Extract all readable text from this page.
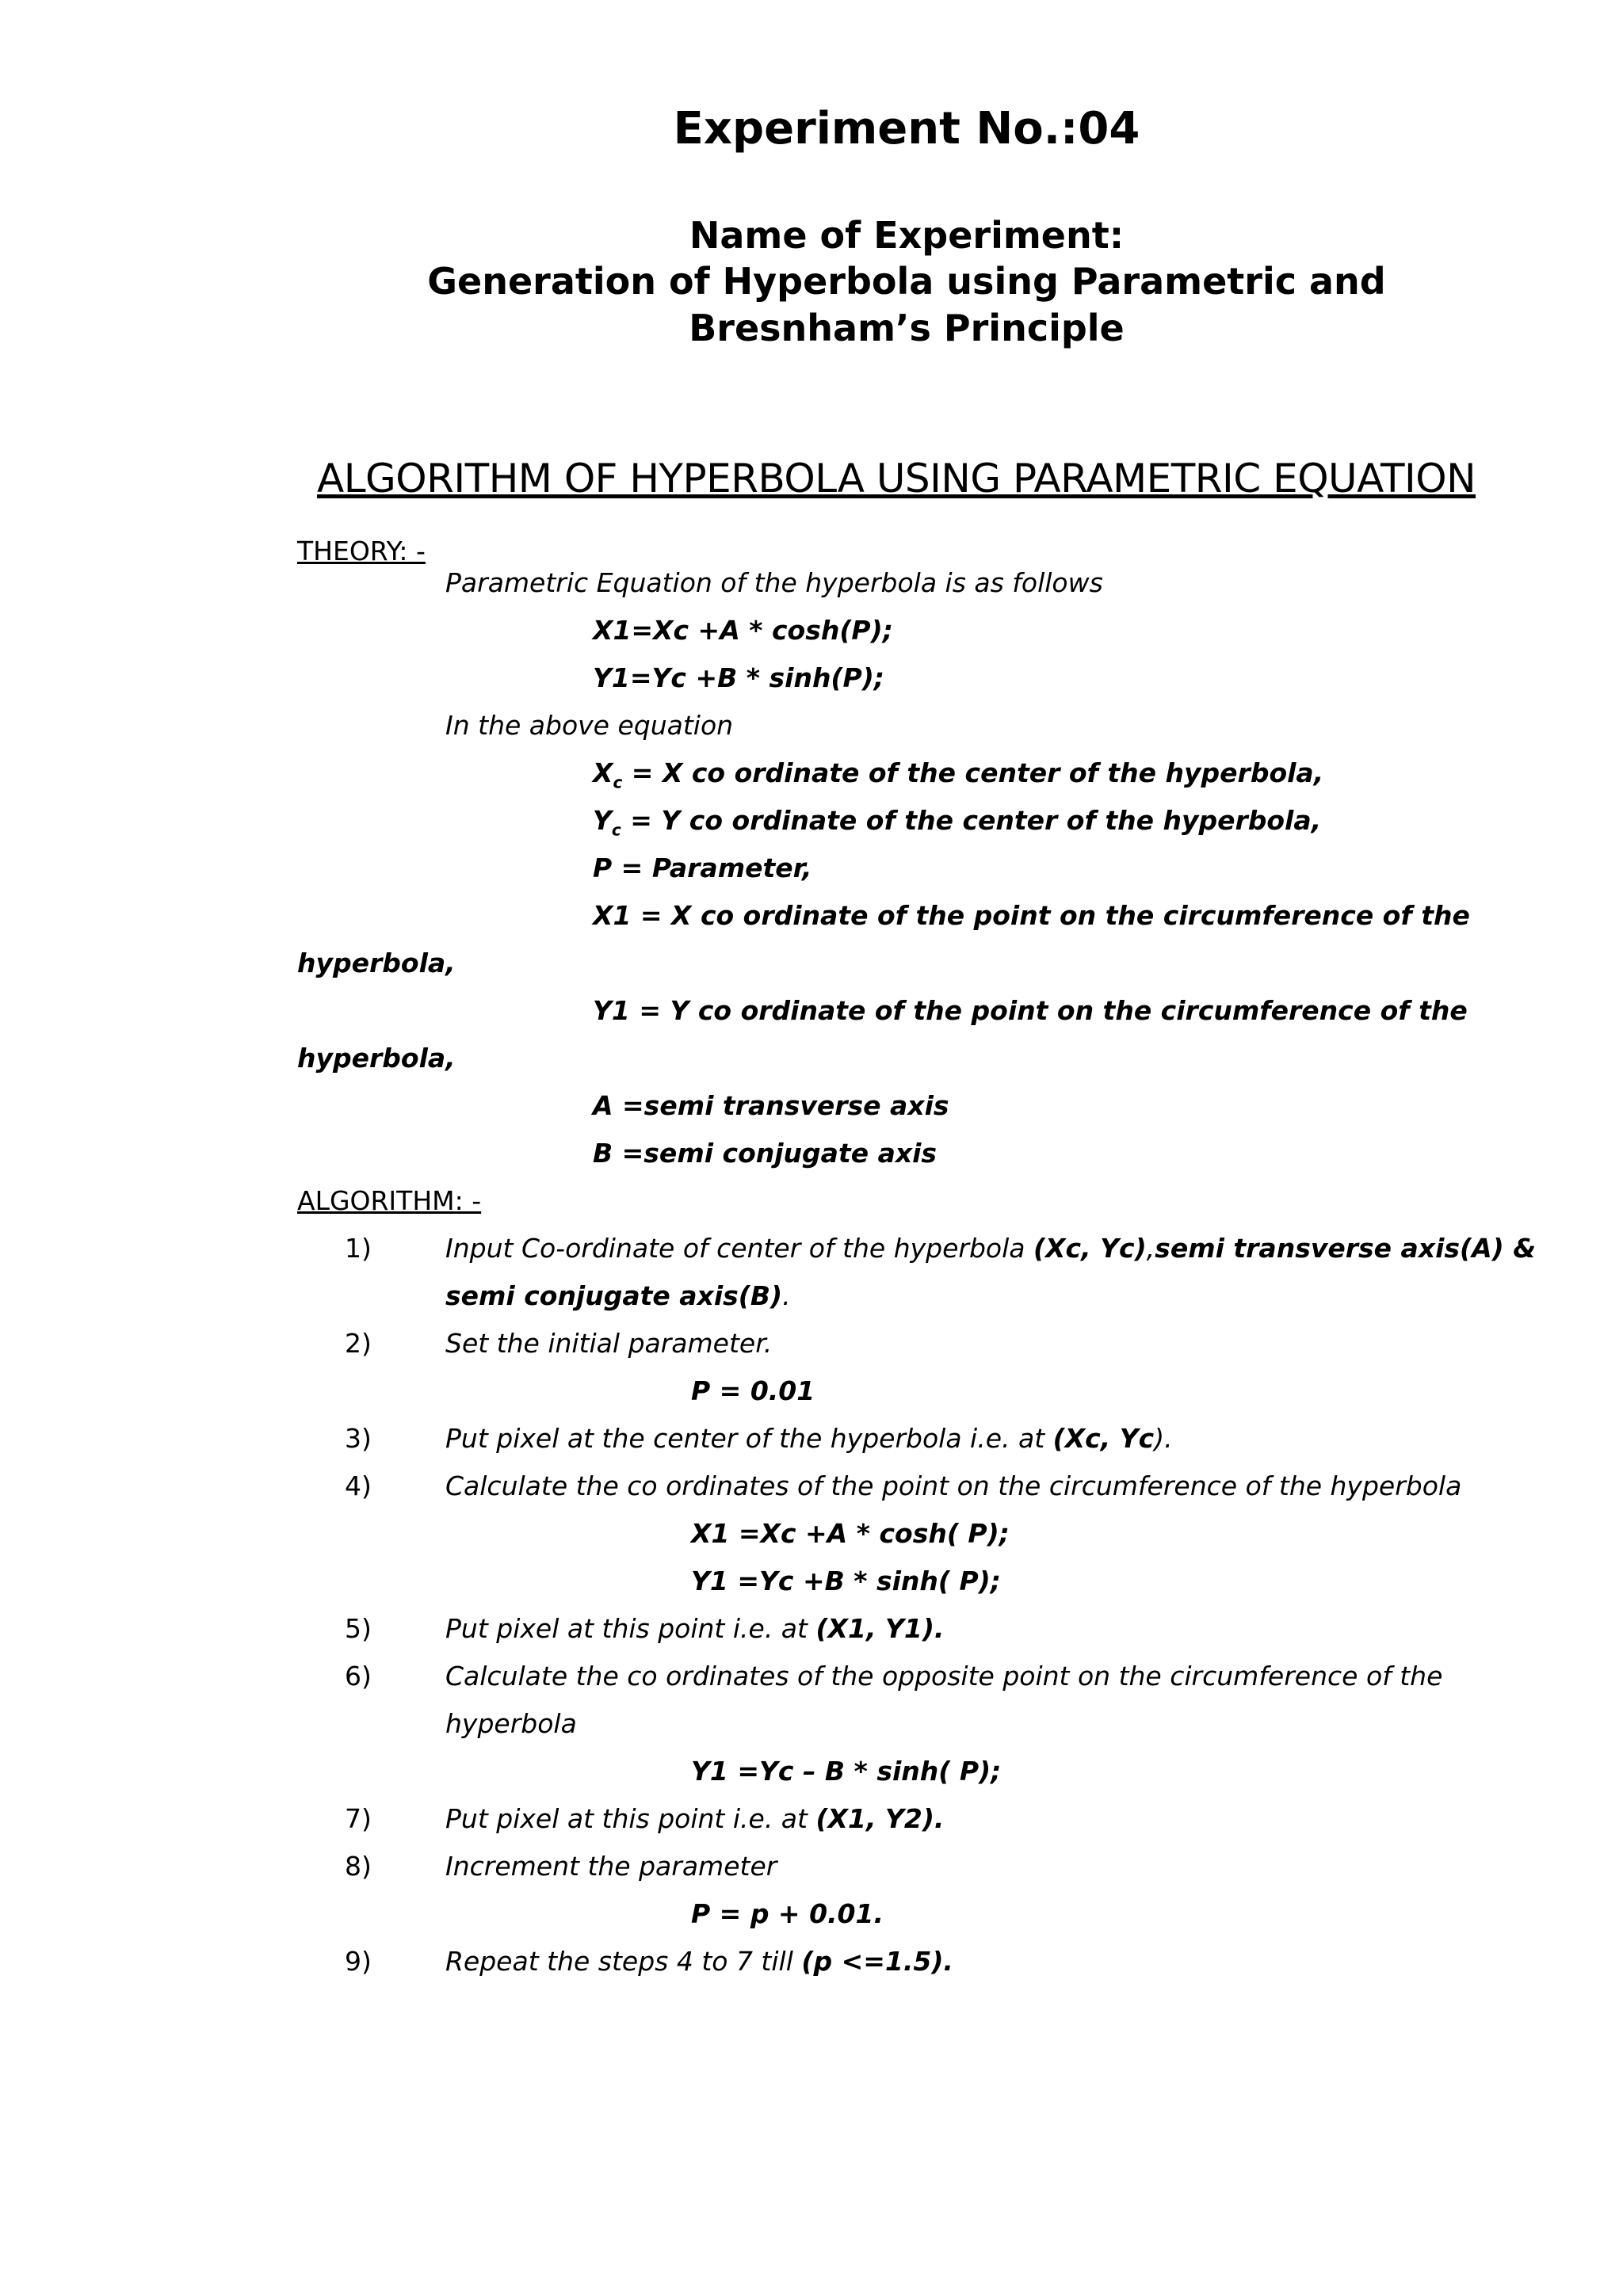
Experiment No.:04
Name of Experiment:
Generation of Hyperbola using Parametric and
Bresnham’s Principle
ALGORITHM OF HYPERBOLA USING PARAMETRIC EQUATION
THEORY: -
Parametric Equation of the hyperbola is as follows
X1=Xc +A * cosh(P);
Y1=Yc +B * sinh(P);
In the above equation
$X_c = X$ co ordinate of the center of the hyperbola,
$Y_c = Y$ co ordinate of the center of the hyperbola,
P = Parameter,
X1 = X co ordinate of the point on the circumference of the
hyperbola,
Y1 = Y co ordinate of the point on the circumference of the
hyperbola,
A =semi transverse axis
B =semi conjugate axis
ALGORITHM: -
1)	Input Co-ordinate of center of the hyperbola (Xc, Yc),semi transverse axis(A) &
semi conjugate axis(B).
2)	Set the initial parameter.
P = 0.01
3)	Put pixel at the center of the hyperbola i.e. at (Xc, Yc).
4)	Calculate the co ordinates of the point on the circumference of the hyperbola
X1 =Xc +A * cosh( P);
Y1 =Yc +B * sinh( P);
5)	Put pixel at this point i.e. at (X1, Y1).
6)	Calculate the co ordinates of the opposite point on the circumference of the
hyperbola
Y1 =Yc – B * sinh( P);
7)	Put pixel at this point i.e. at (X1, Y2).
8)	Increment the parameter
P = p + 0.01.
9)	Repeat the steps 4 to 7 till (p <=1.5).
